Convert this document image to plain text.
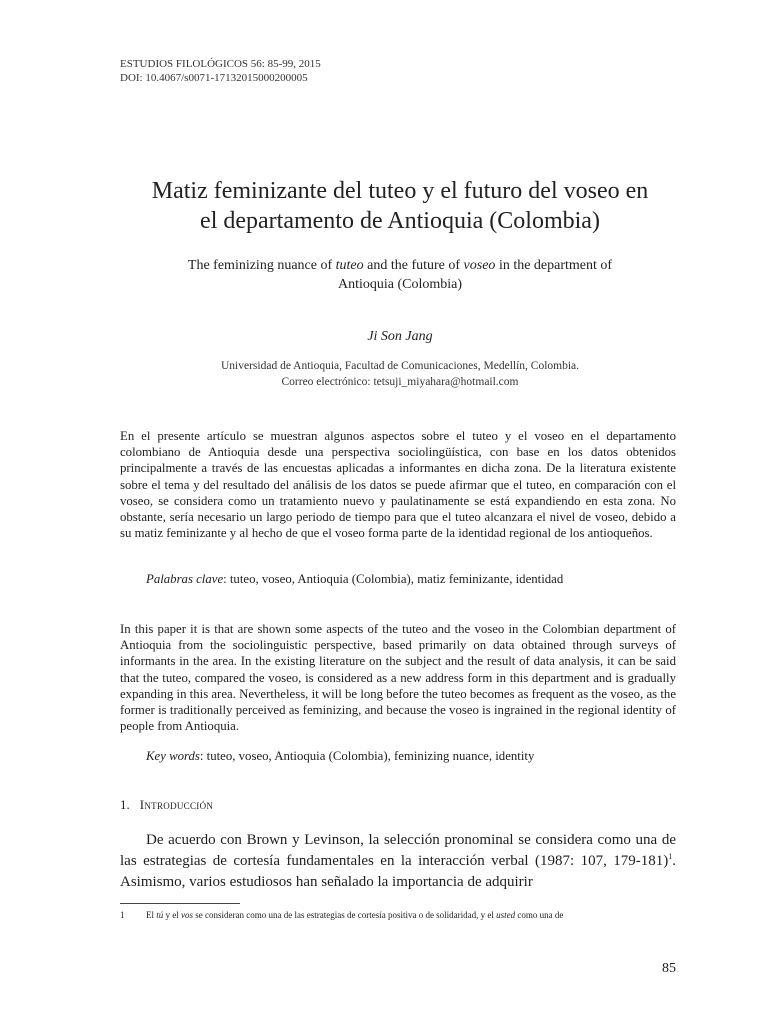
ESTUDIOS FILOLÓGICOS 56: 85-99, 2015
DOI: 10.4067/s0071-17132015000200005
Matiz feminizante del tuteo y el futuro del voseo en
el departamento de Antioquia (Colombia)
The feminizing nuance of tuteo and the future of voseo in the department of
Antioquia (Colombia)
Ji Son Jang
Universidad de Antioquia, Facultad de Comunicaciones, Medellín, Colombia.
Correo electrónico: tetsuji_miyahara@hotmail.com
En el presente artículo se muestran algunos aspectos sobre el tuteo y el voseo en el departamento colombiano de Antioquia desde una perspectiva sociolingüística, con base en los datos obtenidos principalmente a través de las encuestas aplicadas a informantes en dicha zona. De la literatura existente sobre el tema y del resultado del análisis de los datos se puede afirmar que el tuteo, en comparación con el voseo, se considera como un tratamiento nuevo y paulatinamente se está expandiendo en esta zona. No obstante, sería necesario un largo periodo de tiempo para que el tuteo alcanzara el nivel de voseo, debido a su matiz feminizante y al hecho de que el voseo forma parte de la identidad regional de los antioqueños.
Palabras clave: tuteo, voseo, Antioquia (Colombia), matiz feminizante, identidad
In this paper it is that are shown some aspects of the tuteo and the voseo in the Colombian department of Antioquia from the sociolinguistic perspective, based primarily on data obtained through surveys of informants in the area. In the existing literature on the subject and the result of data analysis, it can be said that the tuteo, compared the voseo, is considered as a new address form in this department and is gradually expanding in this area. Nevertheless, it will be long before the tuteo becomes as frequent as the voseo, as the former is traditionally perceived as feminizing, and because the voseo is ingrained in the regional identity of people from Antioquia.
Key words: tuteo, voseo, Antioquia (Colombia), feminizing nuance, identity
1. Introducción
De acuerdo con Brown y Levinson, la selección pronominal se considera como una de las estrategias de cortesía fundamentales en la interacción verbal (1987: 107, 179-181)$^1$. Asimismo, varios estudiosos han señalado la importancia de adquirir
1 El tú y el vos se consideran como una de las estrategias de cortesía positiva o de solidaridad, y el usted como una de
85
